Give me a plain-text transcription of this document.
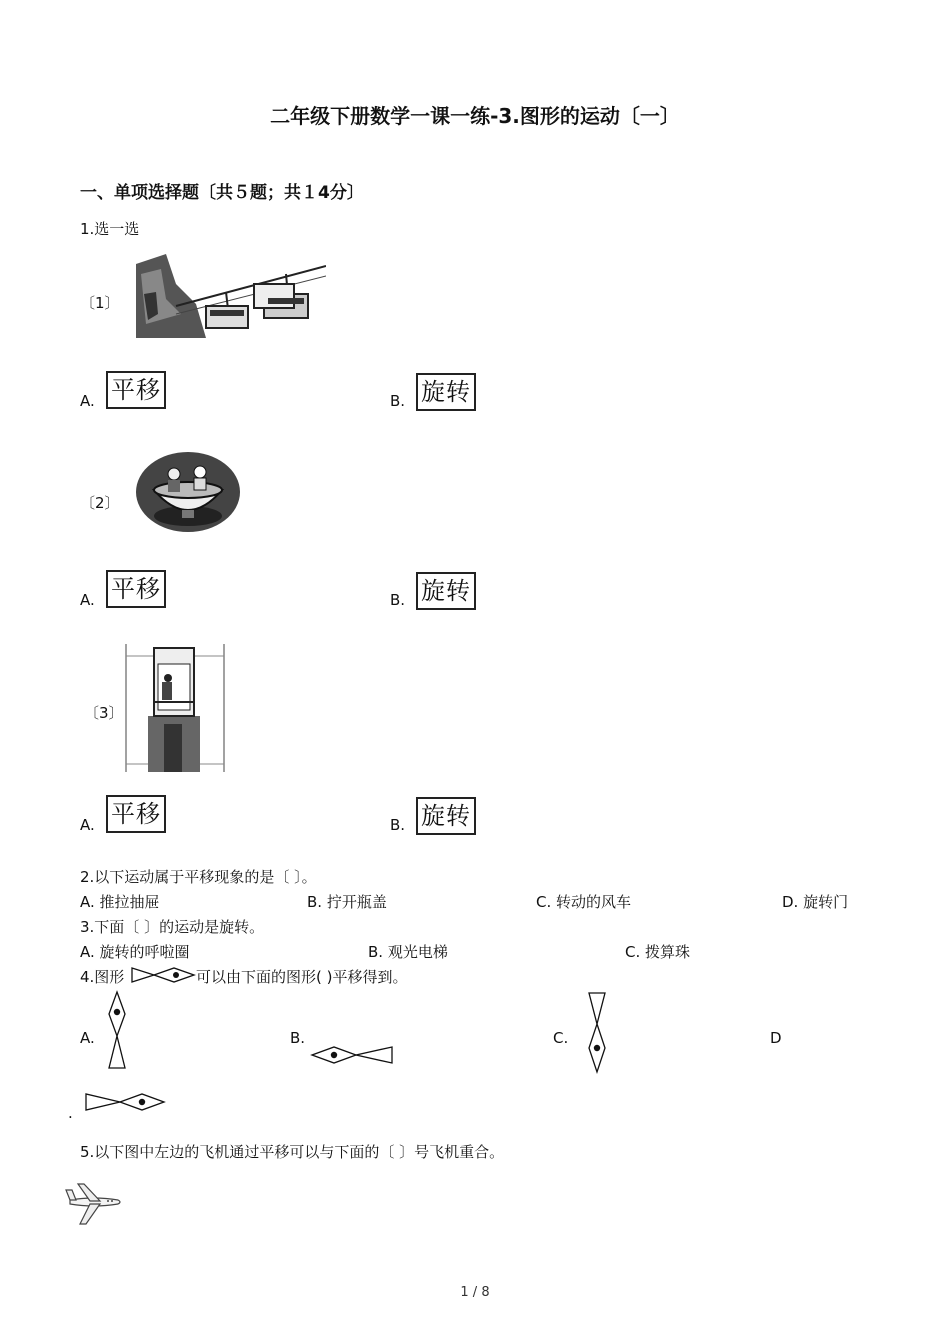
二年级下册数学一课一练-3.图形的运动〔一〕
一、单项选择题〔共５题；共１4分〕
1.选一选
〔1〕
A. 平移	B. 旋转
〔2〕
A. 平移	B. 旋转
〔3〕
A. 平移	B. 旋转
2.以下运动属于平移现象的是〔 〕。
A. 推拉抽屉	B. 拧开瓶盖	C. 转动的风车	D. 旋转门
3.下面〔 〕的运动是旋转。
A. 旋转的呼啦圈	B. 观光电梯	C. 拨算珠
4.图形	可以由下面的图形( )平移得到。
A.	B.	C.	D
.
5.以下图中左边的飞机通过平移可以与下面的〔 〕号飞机重合。
1 / 8
